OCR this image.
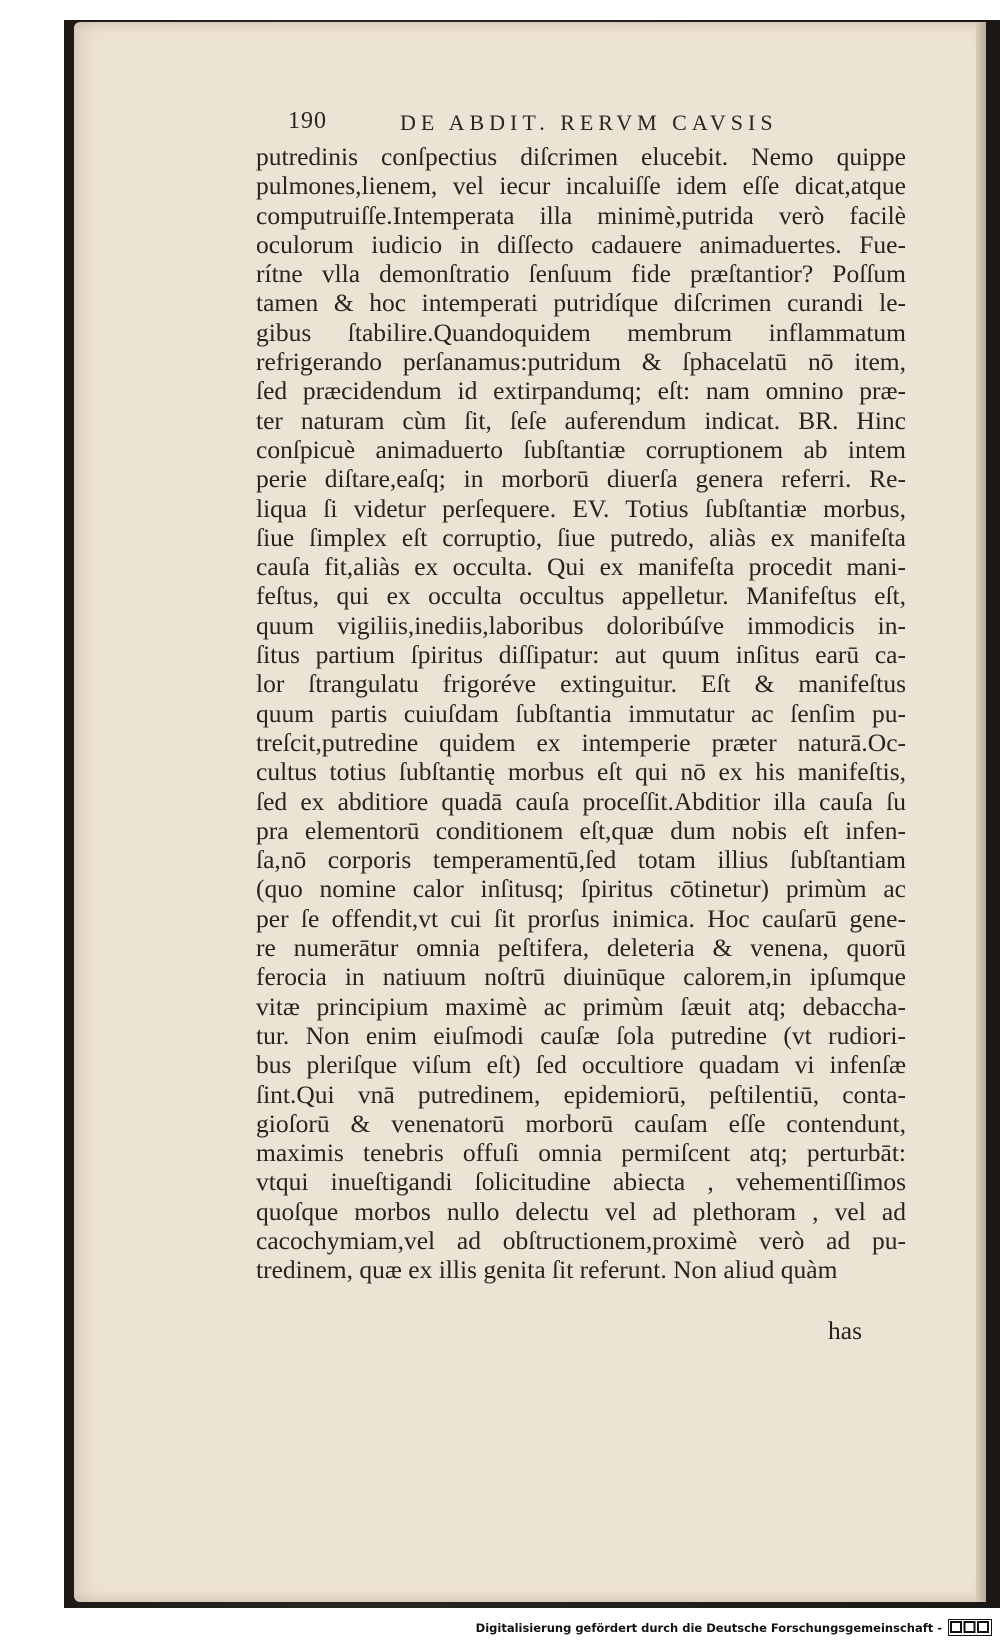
190	DE ABDIT. RERVM CAVSIS
putredinis conſpectius diſcrimen elucebit. Nemo quippe
pulmones,lienem, vel iecur incaluiſſe idem eſſe dicat,atque
computruiſſe.Intemperata illa minimè,putrida verò facilè
oculorum iudicio in diſſecto cadauere animaduertes. Fue-
rítne vlla demonſtratio ſenſuum fide præſtantior? Poſſum
tamen & hoc intemperati putridíque diſcrimen curandi le-
gibus ſtabilire.Quandoquidem membrum inflammatum
refrigerando perſanamus:putridum & ſphacelatū nō item,
ſed præcidendum id extirpandumq; eſt: nam omnino præ-
ter naturam cùm ſit, ſeſe auferendum indicat. BR. Hinc
conſpicuè animaduerto ſubſtantiæ corruptionem ab intem
perie diſtare,eaſq; in morborū diuerſa genera referri. Re-
liqua ſi videtur perſequere. EV. Totius ſubſtantiæ morbus,
ſiue ſimplex eſt corruptio, ſiue putredo, aliàs ex manifeſta
cauſa fit,aliàs ex occulta. Qui ex manifeſta procedit mani-
feſtus, qui ex occulta occultus appelletur. Manifeſtus eſt,
quum vigiliis,inediis,laboribus doloribúſve immodicis in-
ſitus partium ſpiritus diſſipatur: aut quum inſitus earū ca-
lor ſtrangulatu frigoréve extinguitur. Eſt & manifeſtus
quum partis cuiuſdam ſubſtantia immutatur ac ſenſim pu-
treſcit,putredine quidem ex intemperie præter naturā.Oc-
cultus totius ſubſtantię morbus eſt qui nō ex his manifeſtis,
ſed ex abditiore quadā cauſa proceſſit.Abditior illa cauſa ſu
pra elementorū conditionem eſt,quæ dum nobis eſt infen-
ſa,nō corporis temperamentū,ſed totam illius ſubſtantiam
(quo nomine calor inſitusq; ſpiritus cōtinetur) primùm ac
per ſe offendit,vt cui ſit prorſus inimica. Hoc cauſarū gene-
re numerātur omnia peſtifera, deleteria & venena, quorū
ferocia in natiuum noſtrū diuinūque calorem,in ipſumque
vitæ principium maximè ac primùm ſæuit atq; debaccha-
tur. Non enim eiuſmodi cauſæ ſola putredine (vt rudiori-
bus pleriſque viſum eſt) ſed occultiore quadam vi infenſæ
ſint.Qui vnā putredinem, epidemiorū, peſtilentiū, conta-
gioſorū & venenatorū morborū cauſam eſſe contendunt,
maximis tenebris offuſi omnia permiſcent atq; perturbāt:
vtqui inueſtigandi ſolicitudine abiecta , vehementiſſimos
quoſque morbos nullo delectu vel ad plethoram , vel ad
cacochymiam,vel ad obſtructionem,proximè verò ad pu-
tredinem, quæ ex illis genita ſit referunt. Non aliud quàm
has
Digitalisierung gefördert durch die Deutsche Forschungsgemeinschaft -
